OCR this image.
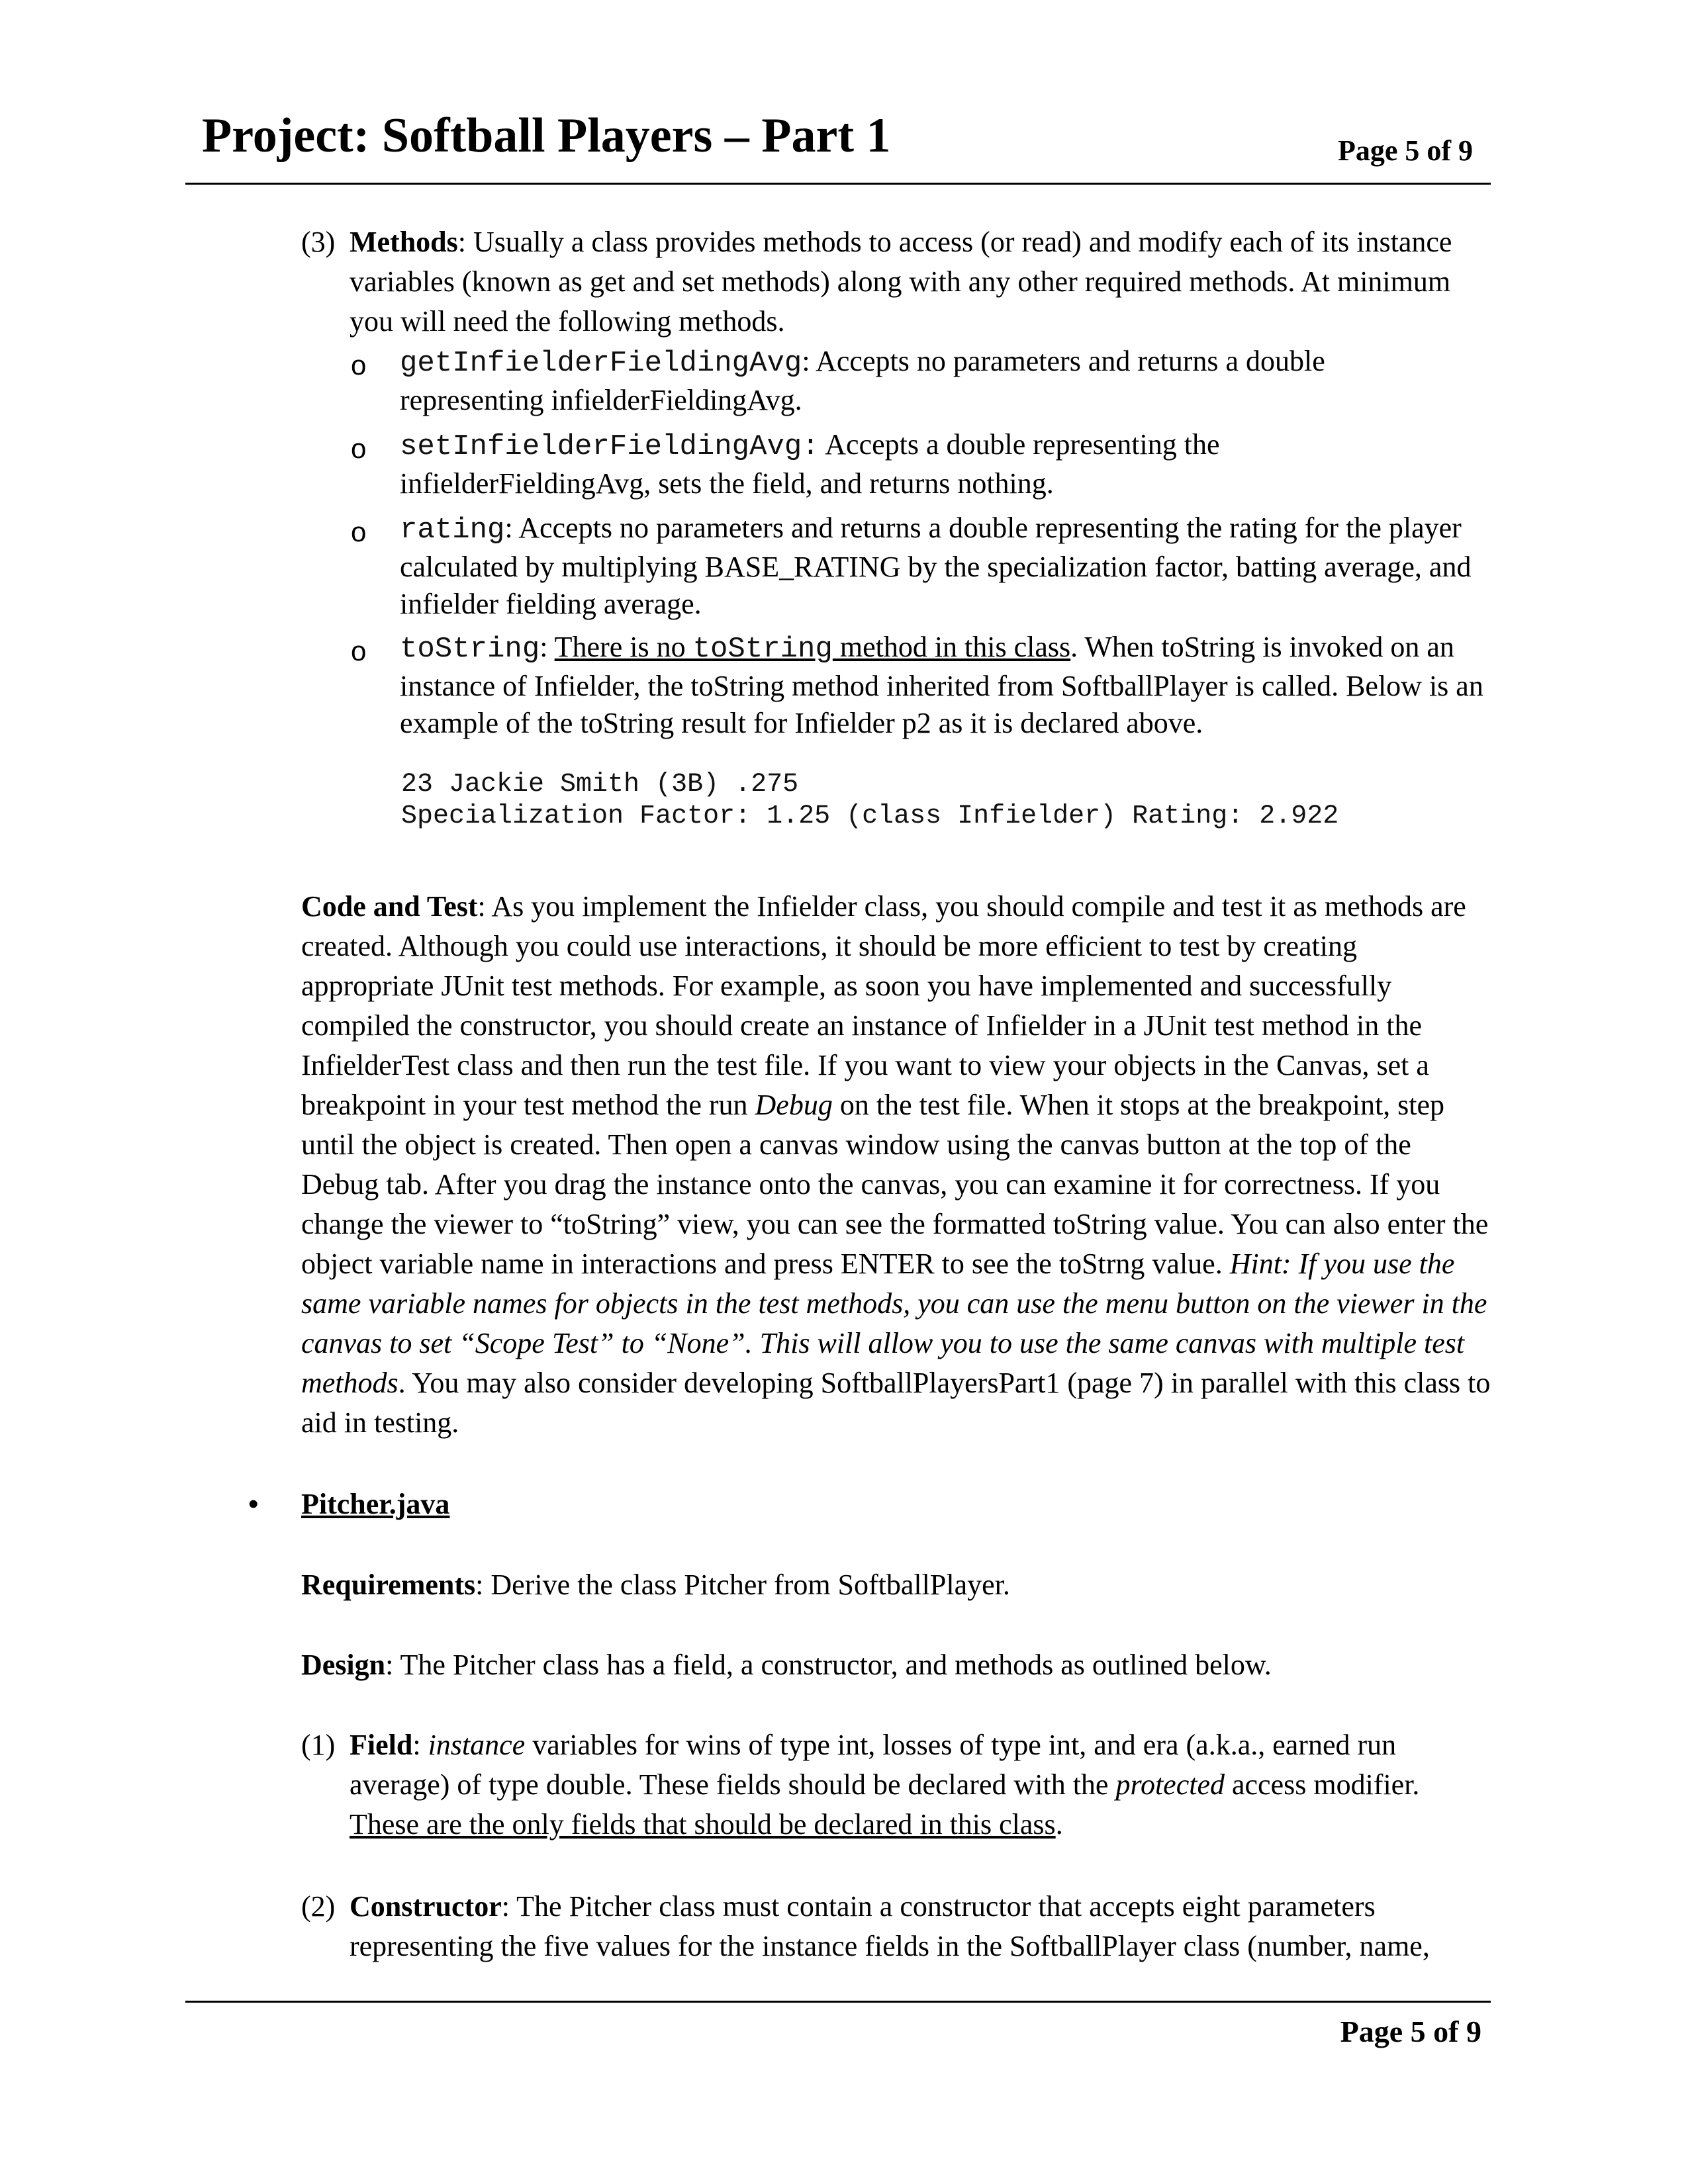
Project: Softball Players – Part 1	Page 5 of 9
(3) Methods: Usually a class provides methods to access (or read) and modify each of its instance variables (known as get and set methods) along with any other required methods. At minimum you will need the following methods.
o getInfielderFieldingAvg: Accepts no parameters and returns a double representing infielderFieldingAvg.
o setInfielderFieldingAvg: Accepts a double representing the infielderFieldingAvg, sets the field, and returns nothing.
o rating: Accepts no parameters and returns a double representing the rating for the player calculated by multiplying BASE_RATING by the specialization factor, batting average, and infielder fielding average.
o toString: There is no toString method in this class. When toString is invoked on an instance of Infielder, the toString method inherited from SoftballPlayer is called. Below is an example of the toString result for Infielder p2 as it is declared above.
23 Jackie Smith (3B) .275
Specialization Factor: 1.25 (class Infielder) Rating: 2.922
Code and Test: As you implement the Infielder class, you should compile and test it as methods are created. Although you could use interactions, it should be more efficient to test by creating appropriate JUnit test methods. For example, as soon you have implemented and successfully compiled the constructor, you should create an instance of Infielder in a JUnit test method in the InfielderTest class and then run the test file. If you want to view your objects in the Canvas, set a breakpoint in your test method the run Debug on the test file. When it stops at the breakpoint, step until the object is created. Then open a canvas window using the canvas button at the top of the Debug tab. After you drag the instance onto the canvas, you can examine it for correctness. If you change the viewer to “toString” view, you can see the formatted toString value. You can also enter the object variable name in interactions and press ENTER to see the toStrng value. Hint: If you use the same variable names for objects in the test methods, you can use the menu button on the viewer in the canvas to set “Scope Test” to “None”. This will allow you to use the same canvas with multiple test methods. You may also consider developing SoftballPlayersPart1 (page 7) in parallel with this class to aid in testing.
• Pitcher.java
Requirements: Derive the class Pitcher from SoftballPlayer.
Design: The Pitcher class has a field, a constructor, and methods as outlined below.
(1) Field: instance variables for wins of type int, losses of type int, and era (a.k.a., earned run average) of type double. These fields should be declared with the protected access modifier. These are the only fields that should be declared in this class.
(2) Constructor: The Pitcher class must contain a constructor that accepts eight parameters representing the five values for the instance fields in the SoftballPlayer class (number, name,
Page 5 of 9
